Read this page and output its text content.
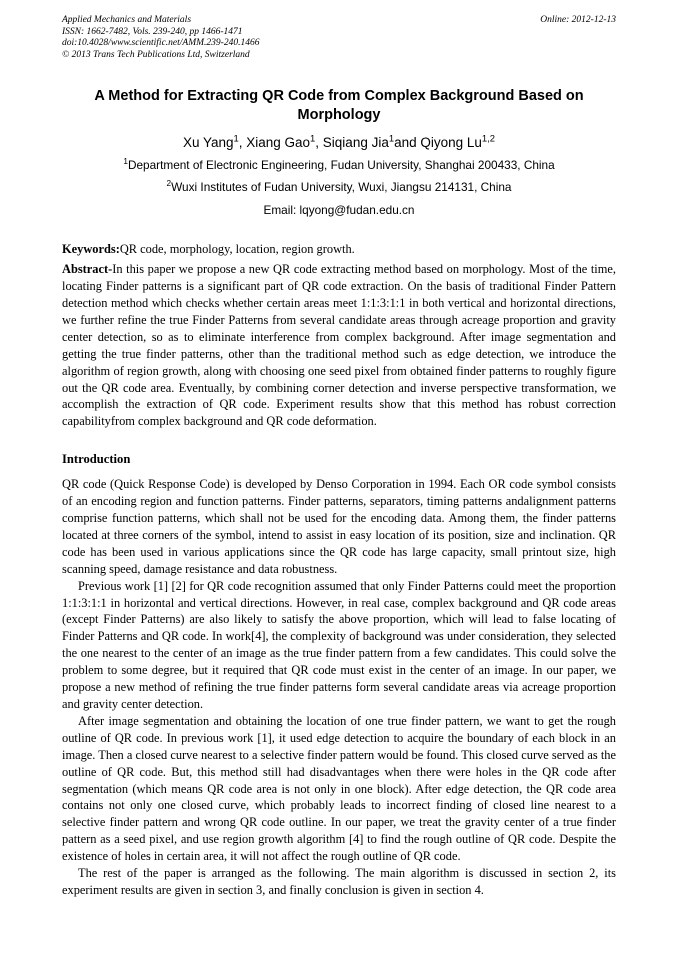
Applied Mechanics and Materials	Online: 2012-12-13
ISSN: 1662-7482, Vols. 239-240, pp 1466-1471
doi:10.4028/www.scientific.net/AMM.239-240.1466
© 2013 Trans Tech Publications Ltd, Switzerland
A Method for Extracting QR Code from Complex Background Based on Morphology
Xu Yang$^1$, Xiang Gao$^1$, Siqiang Jia$^1$and Qiyong Lu$^{1,2}$
$^1$Department of Electronic Engineering, Fudan University, Shanghai 200433, China
$^2$Wuxi Institutes of Fudan University, Wuxi, Jiangsu 214131, China
Email: lqyong@fudan.edu.cn
Keywords:QR code, morphology, location, region growth.

Abstract-In this paper we propose a new QR code extracting method based on morphology. Most of the time, locating Finder patterns is a significant part of QR code extraction. On the basis of traditional Finder Pattern detection method which checks whether certain areas meet 1:1:3:1:1 in both vertical and horizontal directions, we further refine the true Finder Patterns from several candidate areas through acreage proportion and gravity center detection, so as to eliminate interference from complex background. After image segmentation and getting the true finder patterns, other than the traditional method such as edge detection, we introduce the algorithm of region growth, along with choosing one seed pixel from obtained finder patterns to roughly figure out the QR code area. Eventually, by combining corner detection and inverse perspective transformation, we accomplish the extraction of QR code. Experiment results show that this method has robust correction capabilityfrom complex background and QR code deformation.

Introduction

QR code (Quick Response Code) is developed by Denso Corporation in 1994. Each OR code symbol consists of an encoding region and function patterns. Finder patterns, separators, timing patterns andalignment patterns comprise function patterns, which shall not be used for the encoding data. Among them, the finder patterns located at three corners of the symbol, intend to assist in easy location of its position, size and inclination. QR code has been used in various applications since the QR code has large capacity, small printout size, high scanning speed, damage resistance and data robustness.

Previous work [1] [2] for QR code recognition assumed that only Finder Patterns could meet the proportion 1:1:3:1:1 in horizontal and vertical directions. However, in real case, complex background and QR code areas (except Finder Patterns) are also likely to satisfy the above proportion, which will lead to false locating of Finder Patterns and QR code. In work[4], the complexity of background was under consideration, they selected the one nearest to the center of an image as the true finder pattern from a few candidates. This could solve the problem to some degree, but it required that QR code must exist in the center of an image. In our paper, we propose a new method of refining the true finder patterns form several candidate areas via acreage proportion and gravity center detection.

After image segmentation and obtaining the location of one true finder pattern, we want to get the rough outline of QR code. In previous work [1], it used edge detection to acquire the boundary of each block in an image. Then a closed curve nearest to a selective finder pattern would be found. This closed curve served as the outline of QR code. But, this method still had disadvantages when there were holes in the QR code after segmentation (which means QR code area is not only in one block). After edge detection, the QR code area contains not only one closed curve, which probably leads to incorrect finding of closed line nearest to a selective finder pattern and wrong QR code outline. In our paper, we treat the gravity center of a true finder pattern as a seed pixel, and use region growth algorithm [4] to find the rough outline of QR code. Despite the existence of holes in certain area, it will not affect the rough outline of QR code.

The rest of the paper is arranged as the following. The main algorithm is discussed in section 2, its experiment results are given in section 3, and finally conclusion is given in section 4.
